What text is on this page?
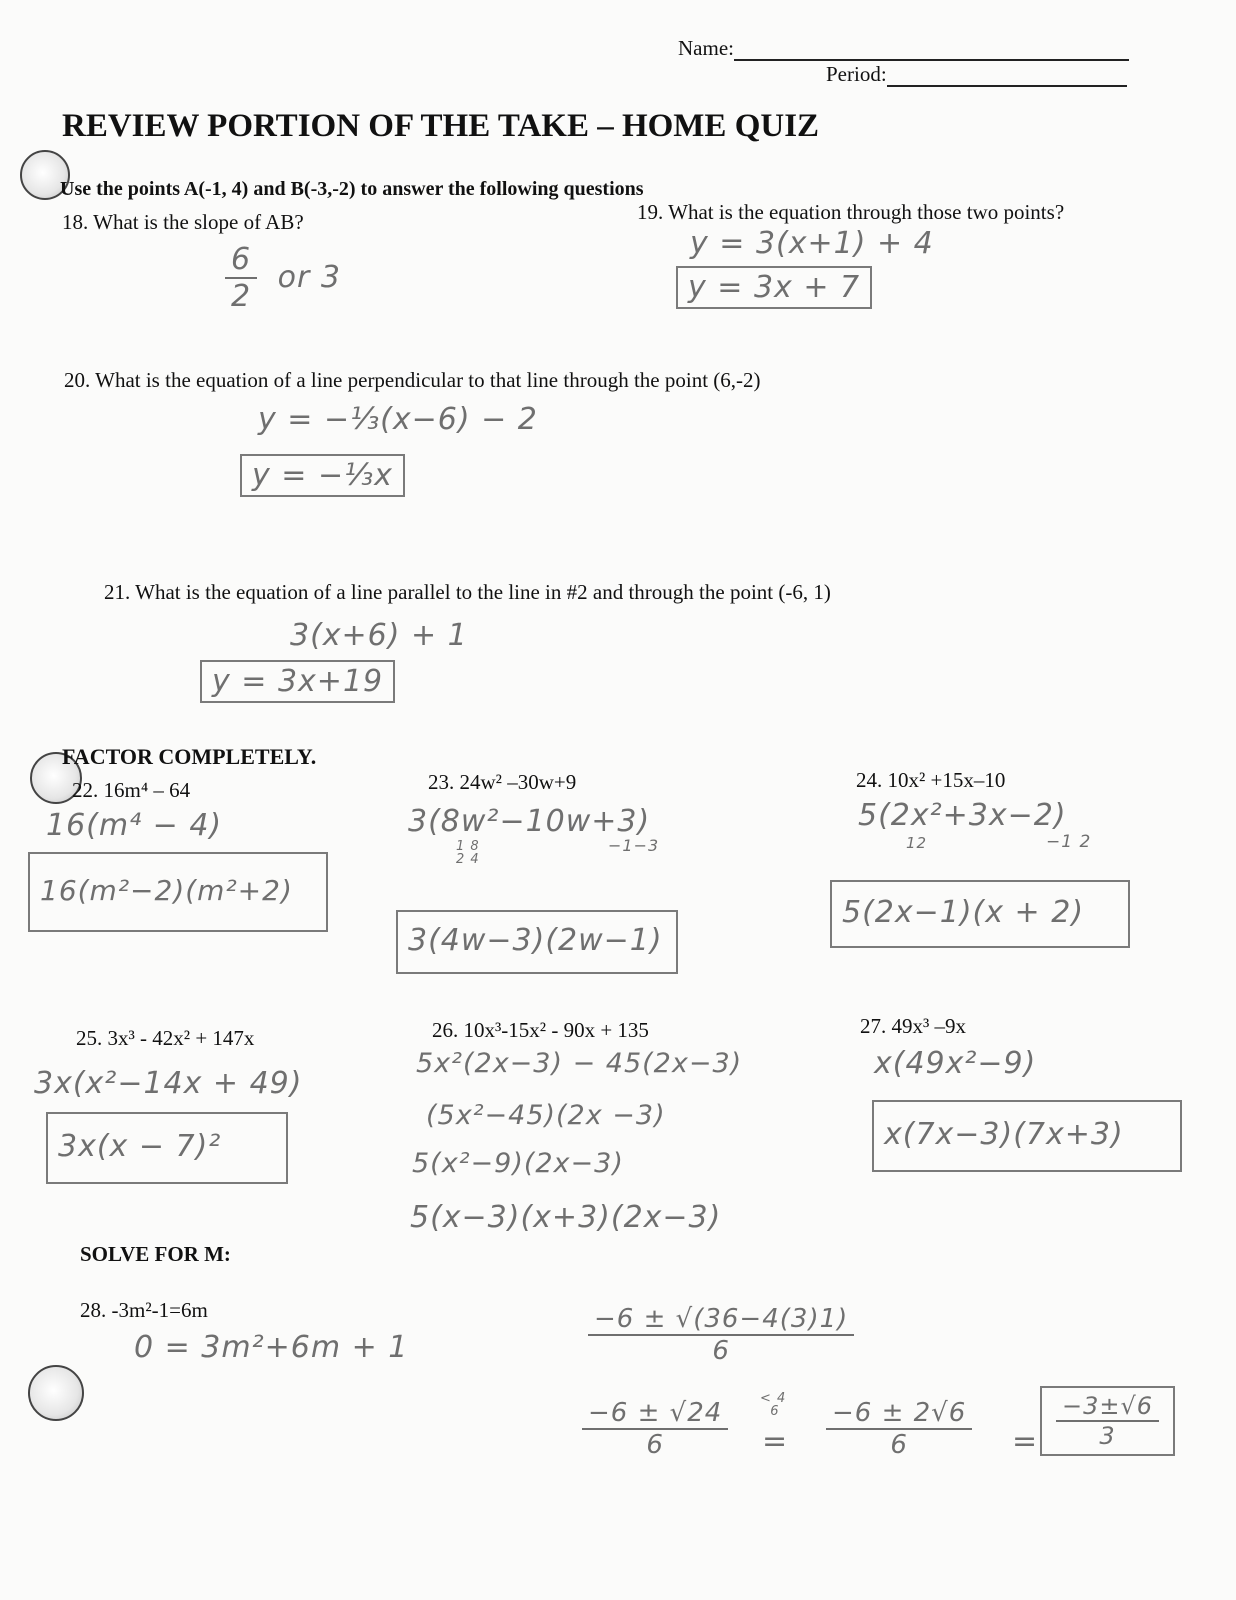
Name:
Period:
REVIEW PORTION OF THE TAKE – HOME QUIZ
Use the points A(-1, 4) and B(-3,-2) to answer the following questions
18. What is the slope of AB?
$\frac{6}{2}$ or 3
19. What is the equation through those two points?
y = 3(x+1) + 4
y = 3x + 7
20. What is the equation of a line perpendicular to that line through the point (6,-2)
y = −⅓(x−6) − 2
y = −⅓x
21. What is the equation of a line parallel to the line in #2 and through the point (-6, 1)
3(x+6) + 1
y = 3x+19
FACTOR COMPLETELY.
22. 16m⁴ – 64
16(m⁴ − 4)
16(m²−2)(m²+2)
23. 24w² –30w+9
3(8w²−10w+3)
1 8
2 4
−1−3
3(4w−3)(2w−1)
24. 10x² +15x–10
5(2x²+3x−2)
12	−1 2
5(2x−1)(x + 2)
25. 3x³ - 42x² + 147x
3x(x²−14x + 49)
3x(x − 7)²
26. 10x³-15x² - 90x + 135
5x²(2x−3) − 45(2x−3)
(5x²−45)(2x −3)
5(x²−9)(2x−3)
5(x−3)(x+3)(2x−3)
27. 49x³ –9x
x(49x²−9)
x(7x−3)(7x+3)
SOLVE FOR M:
28. -3m²-1=6m
0 = 3m²+6m + 1	$\frac{-6 \pm √(36-4(3)1)}{6}$
$\frac{-6 \pm √24}{6} < 4$
6
= $\frac{-6 \pm 2√6}{6} = \frac{-3\pm√6}{3}$
